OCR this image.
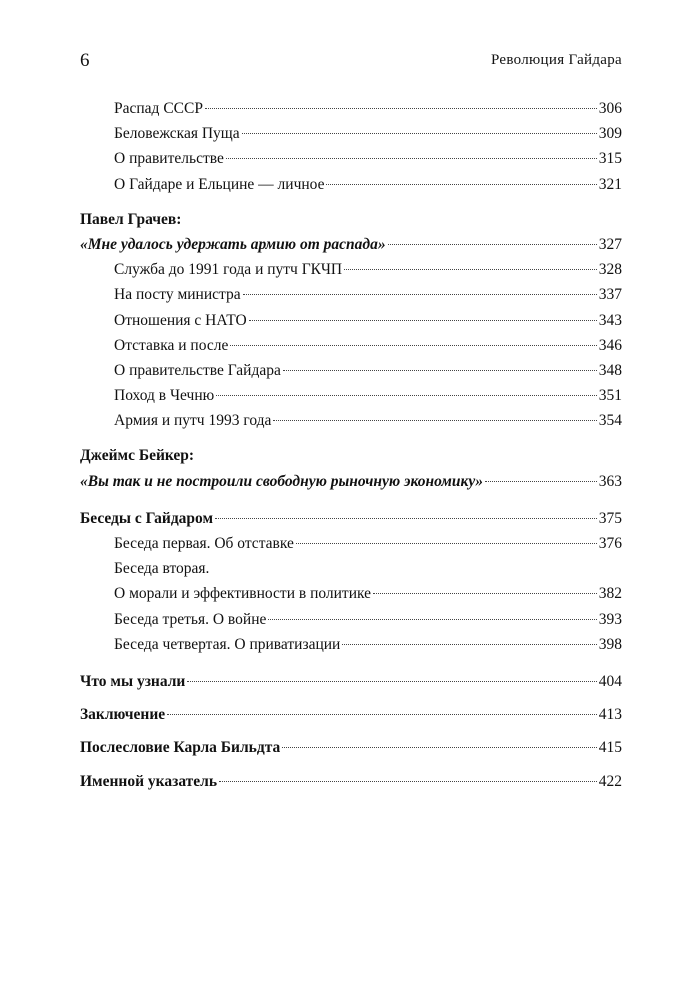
6	Революция Гайдара
Распад СССР	306
Беловежская Пуща	309
О правительстве	315
О Гайдаре и Ельцине — личное	321
Павел Грачев:
«Мне удалось удержать армию от распада»	327
Служба до 1991 года и путч ГКЧП	328
На посту министра	337
Отношения с НАТО	343
Отставка и после	346
О правительстве Гайдара	348
Поход в Чечню	351
Армия и путч 1993 года	354
Джеймс Бейкер:
«Вы так и не построили свободную рыночную экономику»	363
Беседы с Гайдаром	375
Беседа первая. Об отставке	376
Беседа вторая.
О морали и эффективности в политике	382
Беседа третья. О войне	393
Беседа четвертая. О приватизации	398
Что мы узнали	404
Заключение	413
Послесловие Карла Бильдта	415
Именной указатель	422
